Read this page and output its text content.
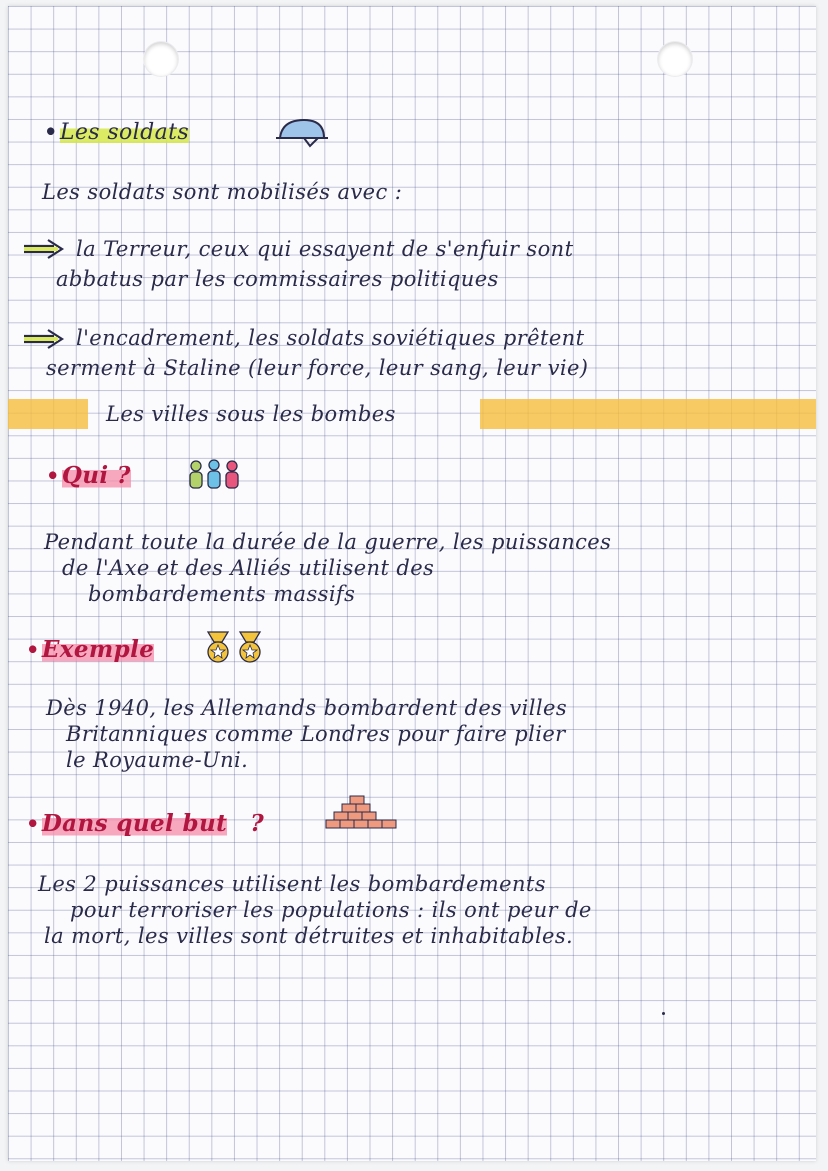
•Les soldats
Les soldats sont mobilisés avec :
la Terreur, ceux qui essayent de s'enfuir sont
abbatus par les commissaires politiques
l'encadrement, les soldats soviétiques prêtent
serment à Staline (leur force, leur sang, leur vie)
Les villes sous les bombes
•Qui ?
Pendant toute la durée de la guerre, les puissances
de l'Axe et des Alliés utilisent des
bombardements massifs
•Exemple
Dès 1940, les Allemands bombardent des villes
Britanniques comme Londres pour faire plier
le Royaume-Uni.
•Dans quel but ?
Les 2 puissances utilisent les bombardements
pour terroriser les populations : ils ont peur de
la mort, les villes sont détruites et inhabitables.
